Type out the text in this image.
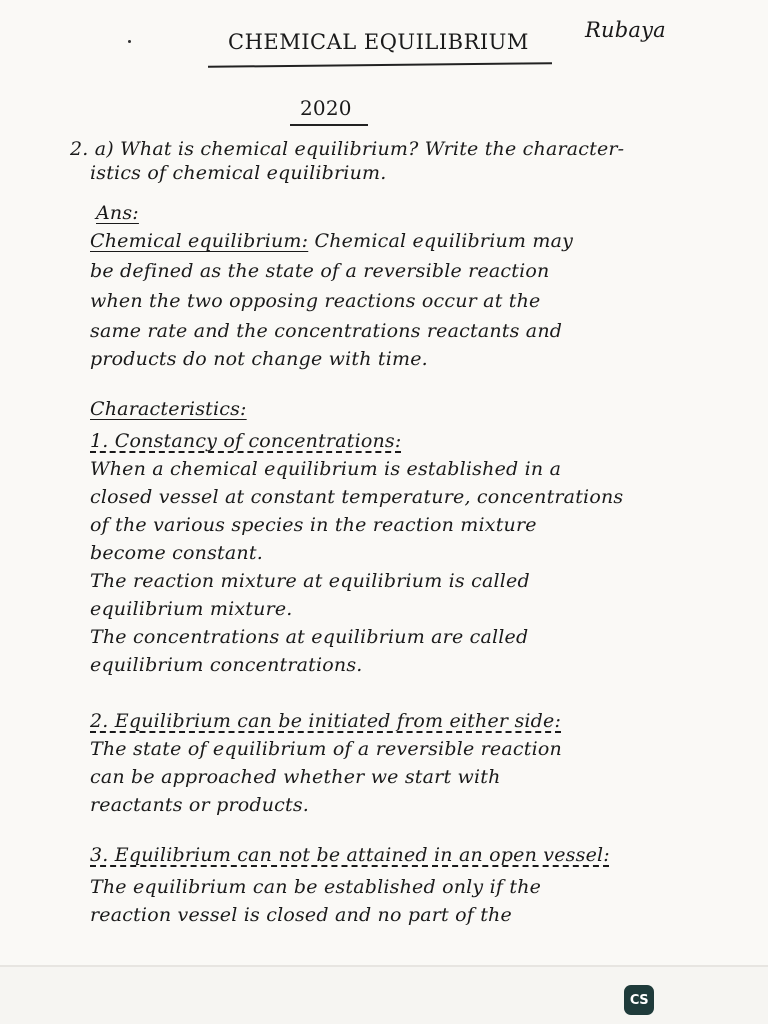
CHEMICAL EQUILIBRIUM	Rubaya
2020
2. a) What is chemical equilibrium? Write the character-
istics of chemical equilibrium.
Ans:
Chemical equilibrium: Chemical equilibrium may
be defined as the state of a reversible reaction
when the two opposing reactions occur at the
same rate and the concentrations reactants and
products do not change with time.
Characteristics:
1. Constancy of concentrations:
When a chemical equilibrium is established in a
closed vessel at constant temperature, concentrations
of the various species in the reaction mixture
become constant.
The reaction mixture at equilibrium is called
equilibrium mixture.
The concentrations at equilibrium are called
equilibrium concentrations.
2. Equilibrium can be initiated from either side:
The state of equilibrium of a reversible reaction
can be approached whether we start with
reactants or products.
3. Equilibrium can not be attained in an open vessel:
The equilibrium can be established only if the
reaction vessel is closed and no part of the
CS
